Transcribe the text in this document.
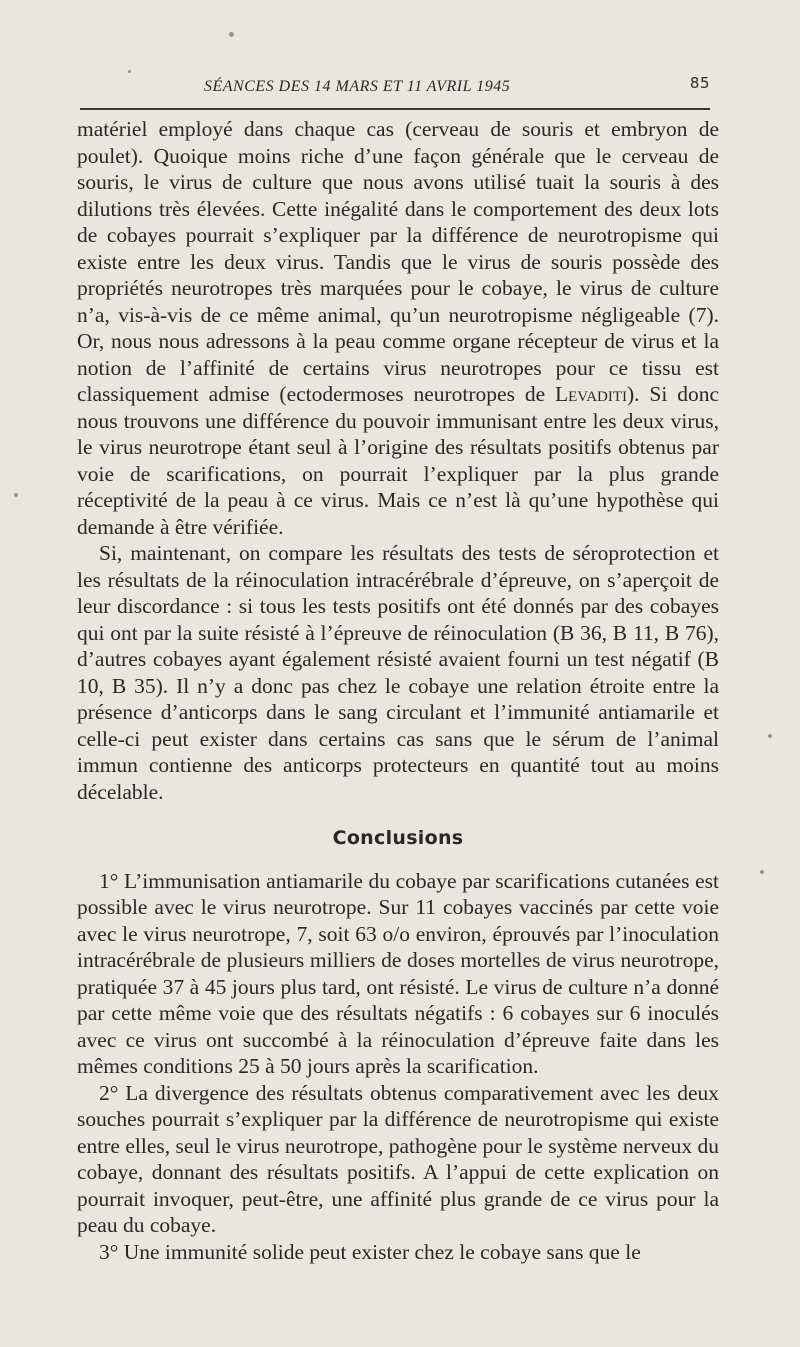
SÉANCES DES 14 MARS ET 11 AVRIL 1945	85

matériel employé dans chaque cas (cerveau de souris et embryon de poulet). Quoique moins riche d’une façon générale que le cerveau de souris, le virus de culture que nous avons utilisé tuait la souris à des dilutions très élevées. Cette inégalité dans le comportement des deux lots de cobayes pourrait s’expliquer par la différence de neurotropisme qui existe entre les deux virus. Tandis que le virus de souris possède des propriétés neurotropes très marquées pour le cobaye, le virus de culture n’a, vis-à-vis de ce même animal, qu’un neurotropisme négligeable (7). Or, nous nous adressons à la peau comme organe récepteur de virus et la notion de l’affinité de certains virus neurotropes pour ce tissu est classiquement admise (ectodermoses neurotropes de Levaditi). Si donc nous trouvons une différence du pouvoir immunisant entre les deux virus, le virus neurotrope étant seul à l’origine des résultats positifs obtenus par voie de scarifications, on pourrait l’expliquer par la plus grande réceptivité de la peau à ce virus. Mais ce n’est là qu’une hypothèse qui demande à être vérifiée.

Si, maintenant, on compare les résultats des tests de séroprotection et les résultats de la réinoculation intracérébrale d’épreuve, on s’aperçoit de leur discordance : si tous les tests positifs ont été donnés par des cobayes qui ont par la suite résisté à l’épreuve de réinoculation (B 36, B 11, B 76), d’autres cobayes ayant également résisté avaient fourni un test négatif (B 10, B 35). Il n’y a donc pas chez le cobaye une relation étroite entre la présence d’anticorps dans le sang circulant et l’immunité antiamarile et celle-ci peut exister dans certains cas sans que le sérum de l’animal immun contienne des anticorps protecteurs en quantité tout au moins décelable.

Conclusions

1° L’immunisation antiamarile du cobaye par scarifications cutanées est possible avec le virus neurotrope. Sur 11 cobayes vaccinés par cette voie avec le virus neurotrope, 7, soit 63 o/o environ, éprouvés par l’inoculation intracérébrale de plusieurs milliers de doses mortelles de virus neurotrope, pratiquée 37 à 45 jours plus tard, ont résisté. Le virus de culture n’a donné par cette même voie que des résultats négatifs : 6 cobayes sur 6 inoculés avec ce virus ont succombé à la réinoculation d’épreuve faite dans les mêmes conditions 25 à 50 jours après la scarification.

2° La divergence des résultats obtenus comparativement avec les deux souches pourrait s’expliquer par la différence de neurotropisme qui existe entre elles, seul le virus neurotrope, pathogène pour le système nerveux du cobaye, donnant des résultats positifs. A l’appui de cette explication on pourrait invoquer, peut-être, une affinité plus grande de ce virus pour la peau du cobaye.

3° Une immunité solide peut exister chez le cobaye sans que le
